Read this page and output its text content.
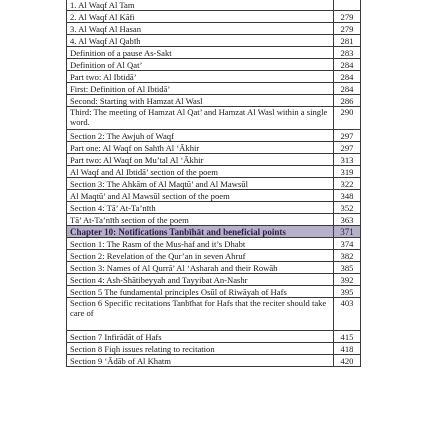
1. Al Waqf Al Tam	
2. Al Waqf Al Kāfi	279
3. Al Waqf Al Hasan	279
4. Al Waqf Al Qabīh	281
Definition of a pause As-Sakt	283
Definition of Al Qat’	284
Part two: Al Ibtidā’	284
First: Definition of Al Ibtidā’	284
Second: Starting with Hamzat Al Wasl	286
Third: The meeting of Hamzat Al Qat’ and Hamzat Al Wasl within a single word.	290
Section 2: The Awjuh of Waqf	297
Part one: Al Waqf on Sahīh Al ‘Ākhir	297
Part two: Al Waqf on Mu’tal Al ‘Ākhir	313
Al Waqf and Al Ibtidā’ section of the poem	319
Section 3: The Ahkām of Al Maqtū’ and Al Mawsūl	322
Al Maqtū’ and Al Mawsūl section of the poem	348
Section 4: Tā’ At-Ta’nīth	352
Tā’ At-Ta’nīth section of the poem	363
Chapter 10: Notifications Tanbīhāt and beneficial points	371
Section 1: The Rasm of the Mus-haf and it’s Dhabt	374
Section 2: Revelation of the Qur’an in seven Ahruf	382
Section 3: Names of Al Qurrā’ Al ‘Asharah and their Rowāh	385
Section 4: Ash-Shātibeyyah and Tayyibat An-Nashr	392
Section 5 The fundamental principles Osūl of Riwāyah of Hafs	395
Section 6 Specific recitations Tanbīhat for Hafs that the reciter should take care of	403
Section 7 Infirādāt of Hafs	415
Section 8 Fiqh issues relating to recitation	418
Section 9 ‘Ādāb of Al Khatm	420
